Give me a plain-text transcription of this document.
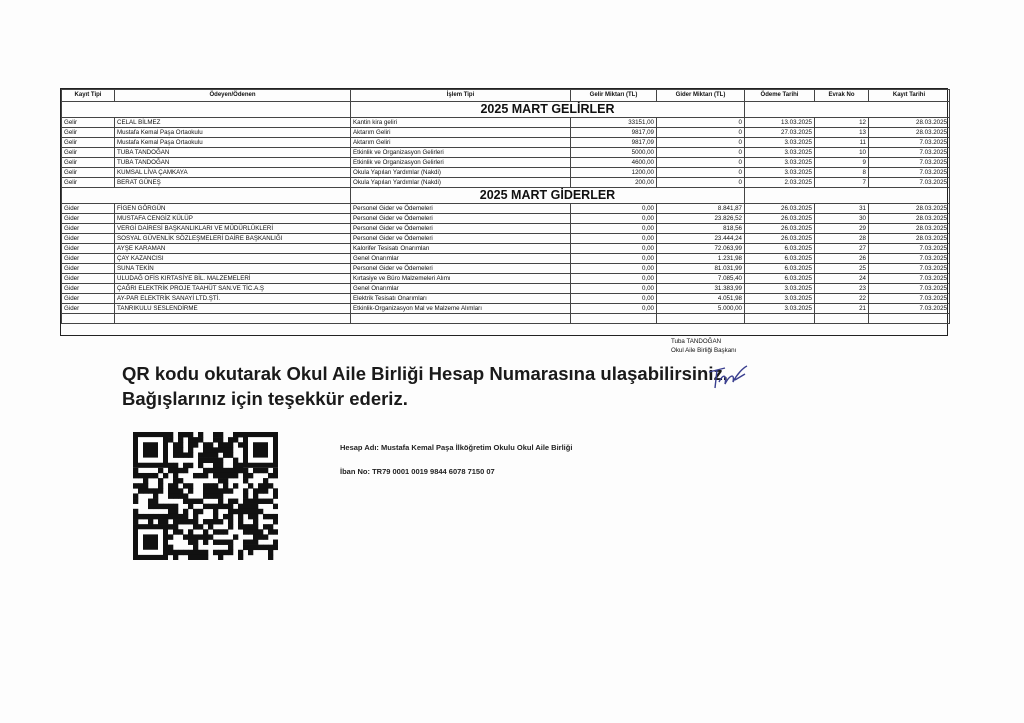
Kayıt Tipi	Ödeyen/Ödenen	İşlem Tipi	Gelir Miktarı (TL)	Gider Miktarı (TL)	Ödeme Tarihi	Evrak No	Kayıt Tarihi
		2025 MART GELİRLER					
Gelir	CELAL BİLMEZ	Kantin kira geliri	33151,00	0	13.03.2025	12	28.03.2025
Gelir	Mustafa Kemal Paşa Ortaokulu	Aktarım Geliri	9817,09	0	27.03.2025	13	28.03.2025
Gelir	Mustafa Kemal Paşa Ortaokulu	Aktarım Geliri	9817,09	0	3.03.2025	11	7.03.2025
Gelir	TUBA TANDOĞAN	Etkinlik ve Organizasyon Gelirleri	5000,00	0	3.03.2025	10	7.03.2025
Gelir	TUBA TANDOĞAN	Etkinlik ve Organizasyon Gelirleri	4600,00	0	3.03.2025	9	7.03.2025
Gelir	KUMSAL LİVA ÇAMKAYA	Okula Yapılan Yardımlar (Nakdi)	1200,00	0	3.03.2025	8	7.03.2025
Gelir	BERAT GÜNEŞ	Okula Yapılan Yardımlar (Nakdi)	200,00	0	2.03.2025	7	7.03.2025
		2025 MART GİDERLER					
Gider	FİGEN GÖRGÜN	Personel Gider ve Ödemeleri	0,00	8.841,87	26.03.2025	31	28.03.2025
Gider	MUSTAFA CENGİZ KÜLÜP	Personel Gider ve Ödemeleri	0,00	23.826,52	26.03.2025	30	28.03.2025
Gider	VERGİ DAİRESİ BAŞKANLIKLARI VE MÜDÜRLÜKLERİ	Personel Gider ve Ödemeleri	0,00	818,56	26.03.2025	29	28.03.2025
Gider	SOSYAL GÜVENLİK SÖZLEŞMELERİ DAİRE BAŞKANLIĞI	Personel Gider ve Ödemeleri	0,00	23.444,24	26.03.2025	28	28.03.2025
Gider	AYŞE KARAMAN	Kalorifer Tesisatı Onarımları	0,00	72.063,99	6.03.2025	27	7.03.2025
Gider	ÇAY KAZANCISI	Genel Onarımlar	0,00	1.231,98	6.03.2025	26	7.03.2025
Gider	SUNA TEKİN	Personel Gider ve Ödemeleri	0,00	81.031,99	6.03.2025	25	7.03.2025
Gider	ULUDAĞ OFİS KIRTASİYE BİL. MALZEMELERİ	Kırtasiye ve Büro Malzemeleri Alımı	0,00	7.085,40	6.03.2025	24	7.03.2025
Gider	ÇAĞRI ELEKTRİK PROJE TAAHÜT SAN.VE TİC.A.Ş	Genel Onarımlar	0,00	31.383,99	3.03.2025	23	7.03.2025
Gider	AY-PAR ELEKTRİK SANAYİ LTD.ŞTİ.	Elektrik Tesisatı Onarımları	0,00	4.051,98	3.03.2025	22	7.03.2025
Gider	TANRIKULU SESLENDİRME	Etkinlik-Organizasyon Mal ve Malzeme Alımları	0,00	5.000,00	3.03.2025	21	7.03.2025

Tuba TANDOĞAN
Okul Aile Birliği Başkanı
QR kodu okutarak Okul Aile Birliği Hesap Numarasına ulaşabilirsiniz.
Bağışlarınız için teşekkür ederiz.
Hesap Adı: Mustafa Kemal Paşa İlköğretim Okulu Okul Aile Birliği
İban No: TR79 0001 0019 9844 6078 7150 07
